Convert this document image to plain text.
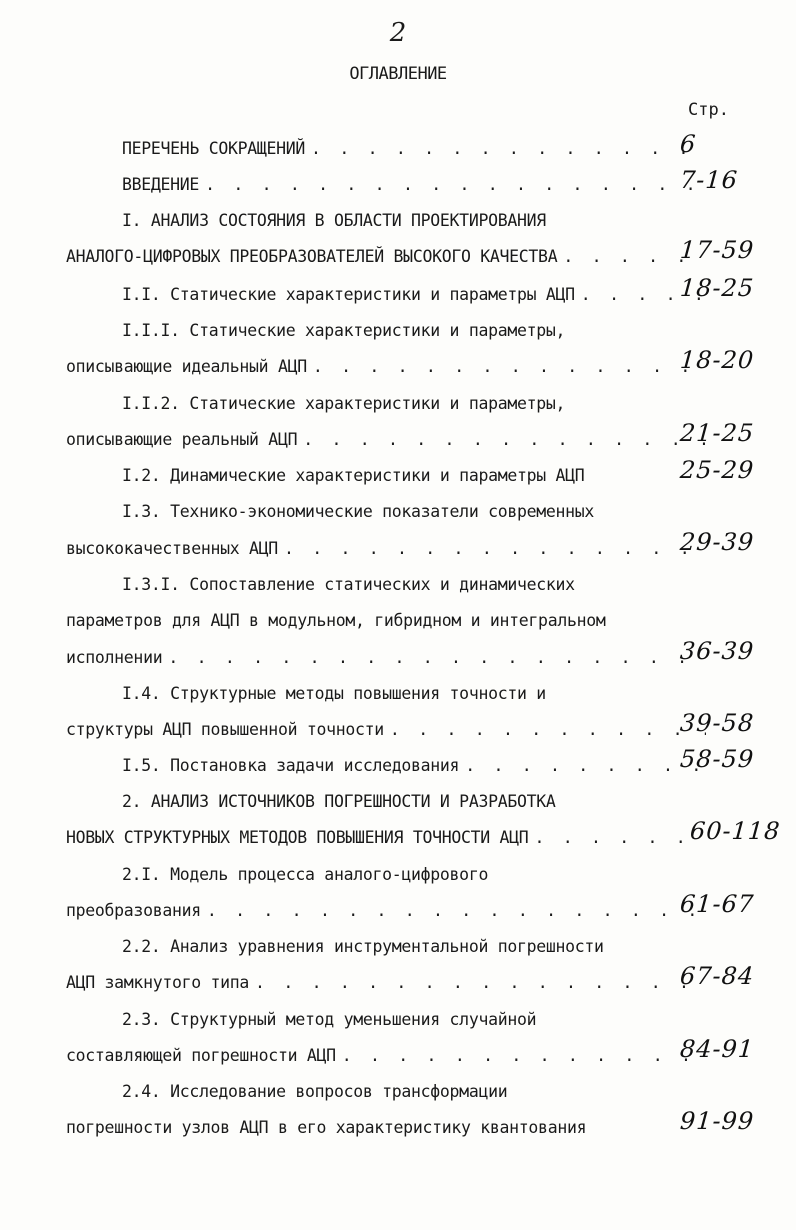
2
ОГЛАВЛЕНИЕ
Стр.
ПЕРЕЧЕНЬ СОКРАЩЕНИЙ . . .	6
ВВЕДЕНИЕ . . .	7-16
I. АНАЛИЗ СОСТОЯНИЯ В ОБЛАСТИ ПРОЕКТИРОВАНИЯ
АНАЛОГО-ЦИФРОВЫХ ПРЕОБРАЗОВАТЕЛЕЙ ВЫСОКОГО КАЧЕСТВА . . .	17-59
I.I. Статические характеристики и параметры АЦП . . .	18-25
I.I.I. Статические характеристики и параметры,
описывающие идеальный АЦП . . .	18-20
I.I.2. Статические характеристики и параметры,
описывающие реальный АЦП . . .	21-25
I.2. Динамические характеристики и параметры АЦП	25-29
I.3. Технико-экономические показатели современных
высококачественных АЦП . . .	29-39
I.3.I. Сопоставление статических и динамических
параметров для АЦП в модульном, гибридном и интегральном
исполнении . . .	36-39
I.4. Структурные методы повышения точности и
структуры АЦП повышенной точности . . .	39-58
I.5. Постановка задачи исследования . . .	58-59
2. АНАЛИЗ ИСТОЧНИКОВ ПОГРЕШНОСТИ И РАЗРАБОТКА
НОВЫХ СТРУКТУРНЫХ МЕТОДОВ ПОВЫШЕНИЯ ТОЧНОСТИ АЦП . . .	60-118
2.I. Модель процесса аналого-цифрового
преобразования . . .	61-67
2.2. Анализ уравнения инструментальной погрешности
АЦП замкнутого типа . . .	67-84
2.3. Структурный метод уменьшения случайной
составляющей погрешности АЦП . . .	84-91
2.4. Исследование вопросов трансформации
погрешности узлов АЦП в его характеристику квантования	91-99
